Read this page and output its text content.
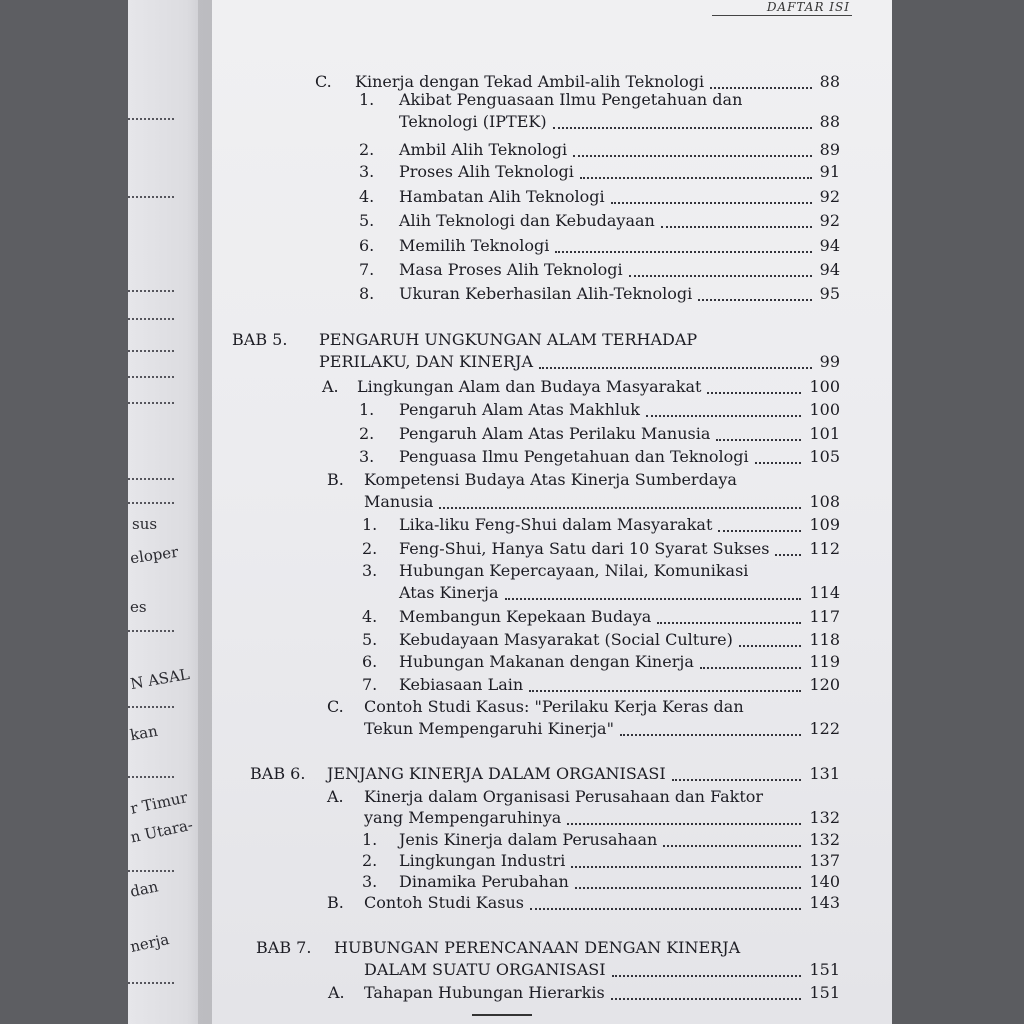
sus
eloper
es
N ASAL
kan
r Timur
n Utara-
dan
nerja
DAFTAR ISI
C. Kinerja dengan Tekad Ambil-alih Teknologi	88
1. Akibat Penguasaan Ilmu Pengetahuan dan
Teknologi (IPTEK)	88
2. Ambil Alih Teknologi	89
3. Proses Alih Teknologi	91
4. Hambatan Alih Teknologi	92
5. Alih Teknologi dan Kebudayaan	92
6. Memilih Teknologi	94
7. Masa Proses Alih Teknologi	94
8. Ukuran Keberhasilan Alih-Teknologi	95
BAB 5. PENGARUH UNGKUNGAN ALAM TERHADAP
PERILAKU, DAN KINERJA	99
A. Lingkungan Alam dan Budaya Masyarakat	100
1. Pengaruh Alam Atas Makhluk	100
2. Pengaruh Alam Atas Perilaku Manusia	101
3. Penguasa Ilmu Pengetahuan dan Teknologi	105
B. Kompetensi Budaya Atas Kinerja Sumberdaya
Manusia	108
1. Lika-liku Feng-Shui dalam Masyarakat	109
2. Feng-Shui, Hanya Satu dari 10 Syarat Sukses 112
3. Hubungan Kepercayaan, Nilai, Komunikasi
Atas Kinerja	114
4. Membangun Kepekaan Budaya	117
5. Kebudayaan Masyarakat (Social Culture)	118
6. Hubungan Makanan dengan Kinerja	119
7. Kebiasaan Lain	120
C. Contoh Studi Kasus: "Perilaku Kerja Keras dan
Tekun Mempengaruhi Kinerja"	122
BAB 6. JENJANG KINERJA DALAM ORGANISASI	131
A. Kinerja dalam Organisasi Perusahaan dan Faktor
yang Mempengaruhinya	132
1. Jenis Kinerja dalam Perusahaan	132
2. Lingkungan Industri	137
3. Dinamika Perubahan	140
B. Contoh Studi Kasus	143
BAB 7. HUBUNGAN PERENCANAAN DENGAN KINERJA
DALAM SUATU ORGANISASI	151
A. Tahapan Hubungan Hierarkis	151
